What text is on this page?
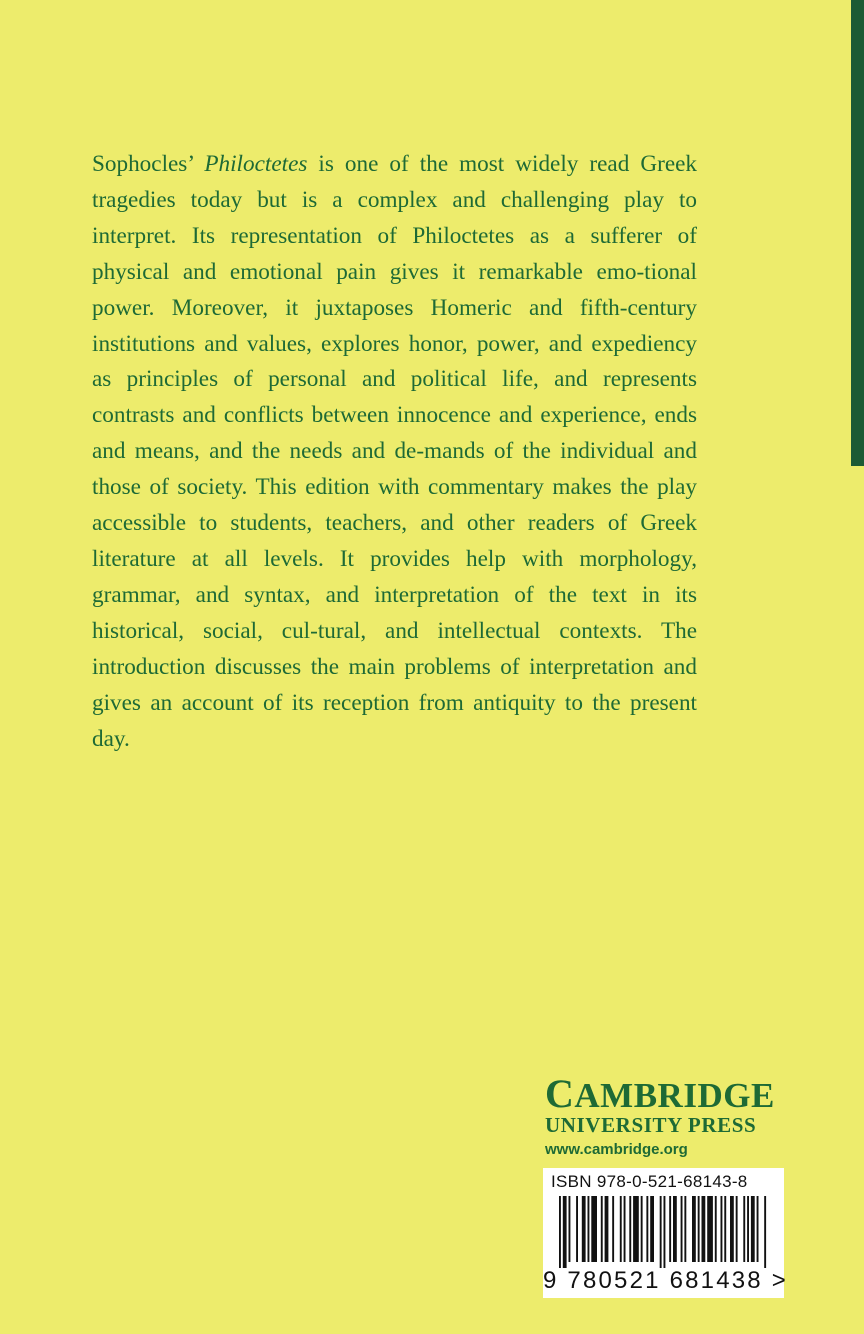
Sophocles’ Philoctetes is one of the most widely read Greek tragedies today but is a complex and challenging play to interpret. Its representation of Philoctetes as a sufferer of physical and emotional pain gives it remarkable emo-tional power. Moreover, it juxtaposes Homeric and fifth-century institutions and values, explores honor, power, and expediency as principles of personal and political life, and represents contrasts and conflicts between innocence and experience, ends and means, and the needs and de-mands of the individual and those of society. This edition with commentary makes the play accessible to students, teachers, and other readers of Greek literature at all levels. It provides help with morphology, grammar, and syntax, and interpretation of the text in its historical, social, cul-tural, and intellectual contexts. The introduction discusses the main problems of interpretation and gives an account of its reception from antiquity to the present day.

CAMBRIDGE
UNIVERSITY PRESS
www.cambridge.org
ISBN 978-0-521-68143-8
9 780521 681438 >
